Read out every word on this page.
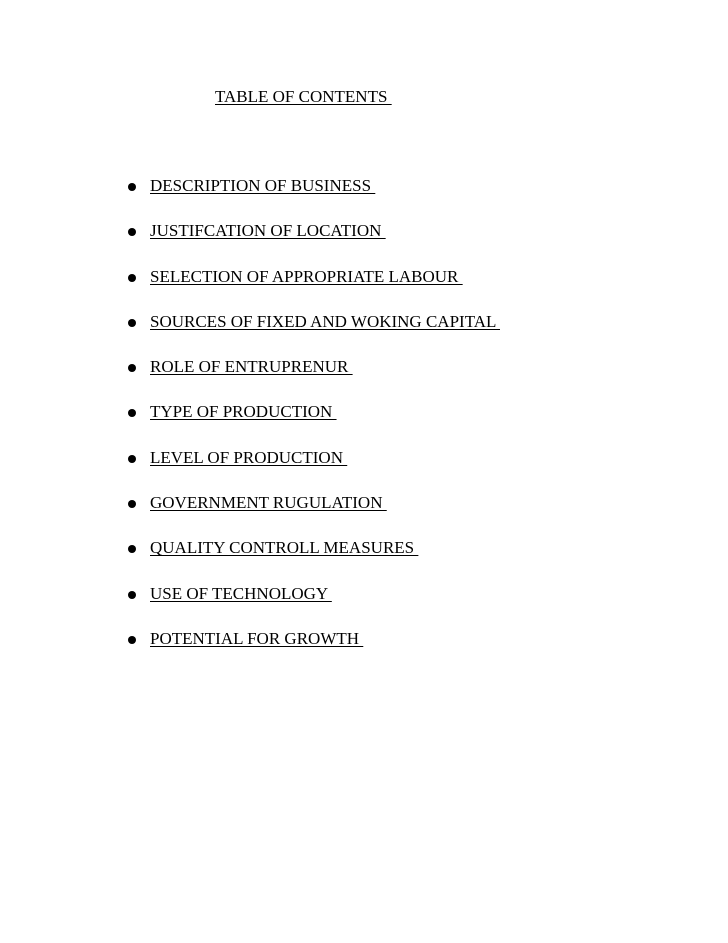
TABLE OF CONTENTS
DESCRIPTION OF BUSINESS
JUSTIFCATION OF LOCATION
SELECTION OF APPROPRIATE LABOUR
SOURCES OF FIXED AND WOKING CAPITAL
ROLE OF ENTRUPRENUR
TYPE OF PRODUCTION
LEVEL OF PRODUCTION
GOVERNMENT RUGULATION
QUALITY CONTROLL MEASURES
USE OF TECHNOLOGY
POTENTIAL FOR GROWTH
